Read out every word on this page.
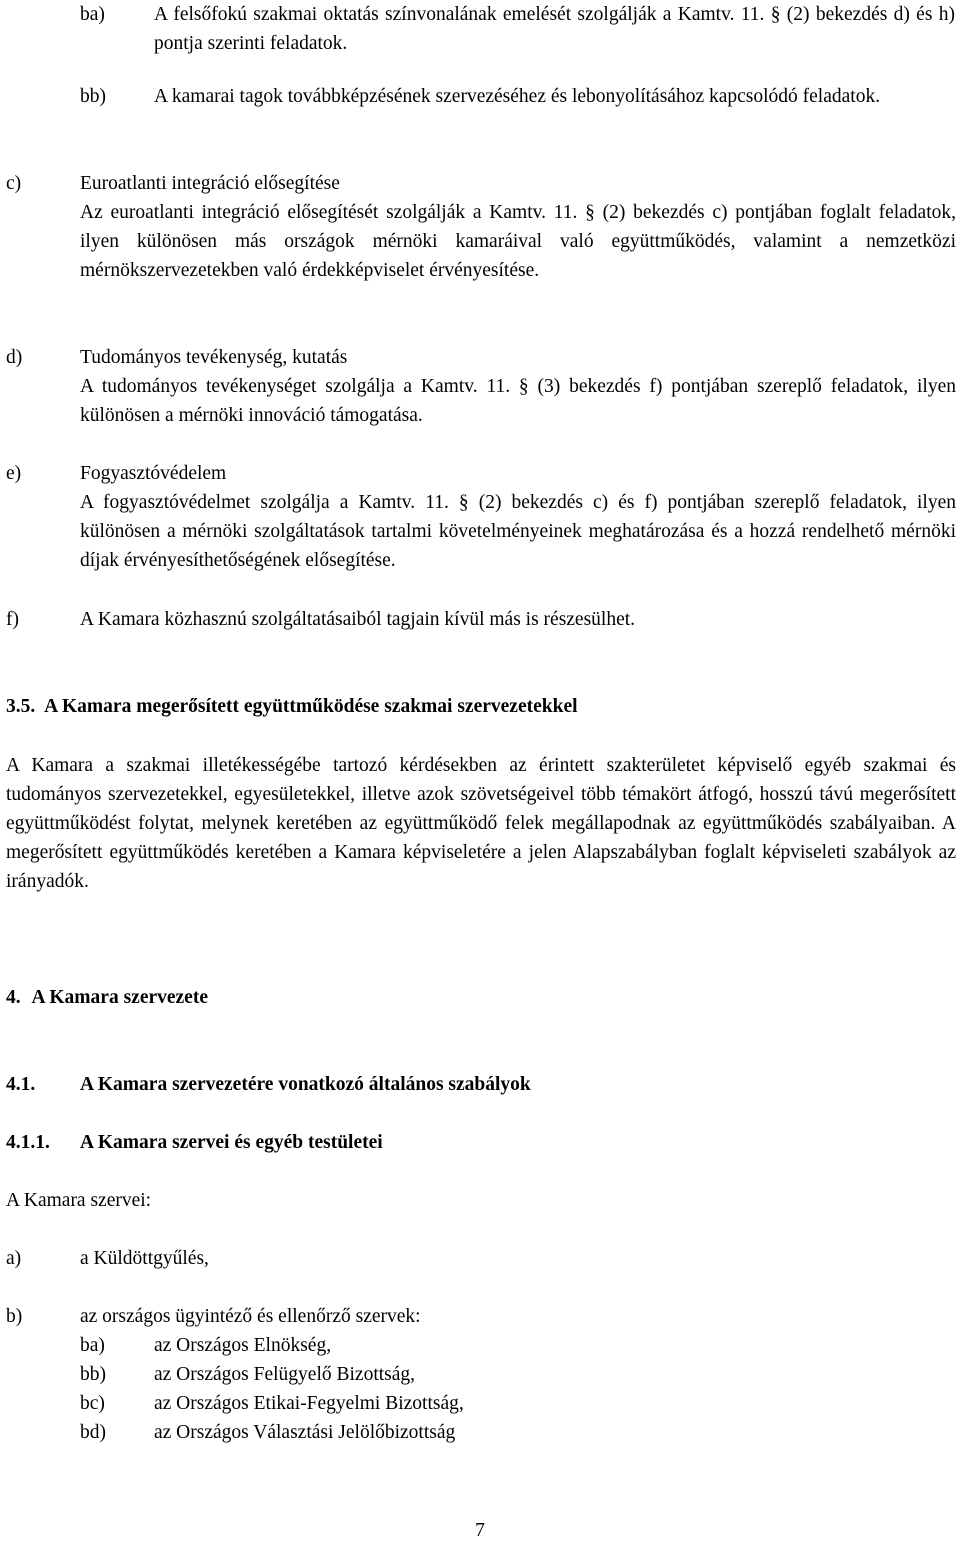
ba)	A felsőfokú szakmai oktatás színvonalának emelését szolgálják a Kamtv. 11. § (2) bekezdés d) és h) pontja szerinti feladatok.
bb)	A kamarai tagok továbbképzésének szervezéséhez és lebonyolításához kapcsolódó feladatok.
c)	Euroatlanti integráció elősegítése
Az euroatlanti integráció elősegítését szolgálják a Kamtv. 11. § (2) bekezdés c) pontjában foglalt feladatok, ilyen különösen más országok mérnöki kamaráival való együttműködés, valamint a nemzetközi mérnökszervezetekben való érdekképviselet érvényesítése.
d)	Tudományos tevékenység, kutatás
A tudományos tevékenységet szolgálja a Kamtv. 11. § (3) bekezdés f) pontjában szereplő feladatok, ilyen különösen a mérnöki innováció támogatása.
e)	Fogyasztóvédelem
A fogyasztóvédelmet szolgálja a Kamtv. 11. § (2) bekezdés c) és f) pontjában szereplő feladatok, ilyen különösen a mérnöki szolgáltatások tartalmi követelményeinek meghatározása és a hozzá rendelhető mérnöki díjak érvényesíthetőségének elősegítése.
f)	A Kamara közhasznú szolgáltatásaiból tagjain kívül más is részesülhet.
3.5. A Kamara megerősített együttműködése szakmai szervezetekkel
A Kamara a szakmai illetékességébe tartozó kérdésekben az érintett szakterületet képviselő egyéb szakmai és tudományos szervezetekkel, egyesületekkel, illetve azok szövetségeivel több témakört átfogó, hosszú távú megerősített együttműködést folytat, melynek keretében az együttműködő felek megállapodnak az együttműködés szabályaiban. A megerősített együttműködés keretében a Kamara képviseletére a jelen Alapszabályban foglalt képviseleti szabályok az irányadók.
4. A Kamara szervezete
4.1. A Kamara szervezetére vonatkozó általános szabályok
4.1.1. A Kamara szervei és egyéb testületei
A Kamara szervei:
a)	a Küldöttgyűlés,
b)	az országos ügyintéző és ellenőrző szervek:
ba)	az Országos Elnökség,
bb)	az Országos Felügyelő Bizottság,
bc)	az Országos Etikai-Fegyelmi Bizottság,
bd)	az Országos Választási Jelölőbizottság
7
